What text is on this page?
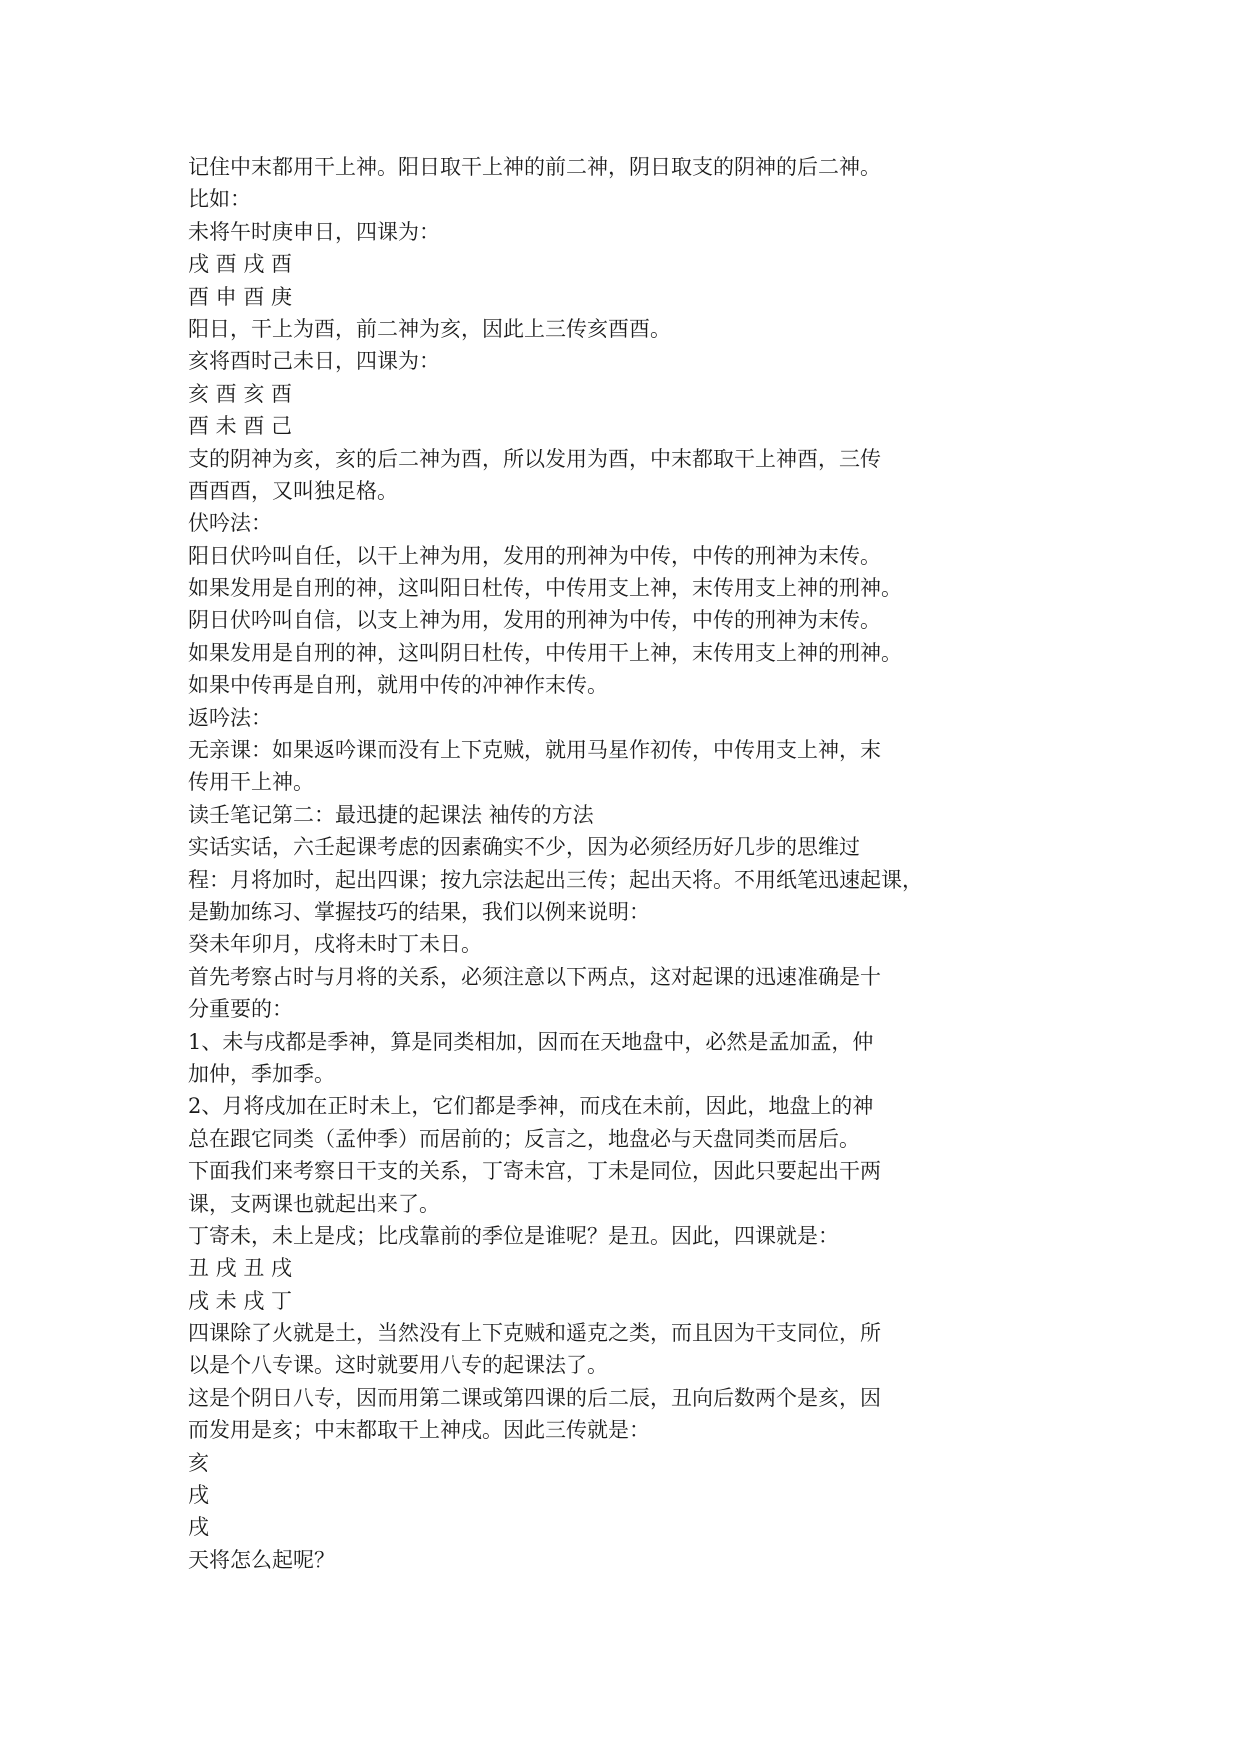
记住中末都用干上神。阳日取干上神的前二神，阴日取支的阴神的后二神。

比如：

未将午时庚申日，四课为：

戌 酉 戌 酉

酉 申 酉 庚

阳日，干上为酉，前二神为亥，因此上三传亥酉酉。

亥将酉时己未日，四课为：

亥 酉 亥 酉

酉 未 酉 己

支的阴神为亥，亥的后二神为酉，所以发用为酉，中末都取干上神酉，三传

酉酉酉，又叫独足格。

伏吟法：

阳日伏吟叫自任，以干上神为用，发用的刑神为中传，中传的刑神为末传。

如果发用是自刑的神，这叫阳日杜传，中传用支上神，末传用支上神的刑神。

阴日伏吟叫自信，以支上神为用，发用的刑神为中传，中传的刑神为末传。

如果发用是自刑的神，这叫阴日杜传，中传用干上神，末传用支上神的刑神。

如果中传再是自刑，就用中传的冲神作末传。

返吟法：

无亲课：如果返吟课而没有上下克贼，就用马星作初传，中传用支上神，末

传用干上神。

读壬笔记第二：最迅捷的起课法 袖传的方法

实话实话，六壬起课考虑的因素确实不少，因为必须经历好几步的思维过

程：月将加时，起出四课；按九宗法起出三传；起出天将。不用纸笔迅速起课，

是勤加练习、掌握技巧的结果，我们以例来说明：

癸未年卯月，戌将未时丁未日。

首先考察占时与月将的关系，必须注意以下两点，这对起课的迅速准确是十

分重要的：

1、未与戌都是季神，算是同类相加，因而在天地盘中，必然是孟加孟，仲

加仲，季加季。

2、月将戌加在正时未上，它们都是季神，而戌在未前，因此，地盘上的神

总在跟它同类（孟仲季）而居前的；反言之，地盘必与天盘同类而居后。

下面我们来考察日干支的关系，丁寄未宫，丁未是同位，因此只要起出干两

课，支两课也就起出来了。

丁寄未，未上是戌；比戌靠前的季位是谁呢？是丑。因此，四课就是：

丑 戌 丑 戌

戌 未 戌 丁

四课除了火就是土，当然没有上下克贼和遥克之类，而且因为干支同位，所

以是个八专课。这时就要用八专的起课法了。

这是个阴日八专，因而用第二课或第四课的后二辰，丑向后数两个是亥，因

而发用是亥；中末都取干上神戌。因此三传就是：

亥

戌

戌

天将怎么起呢？
